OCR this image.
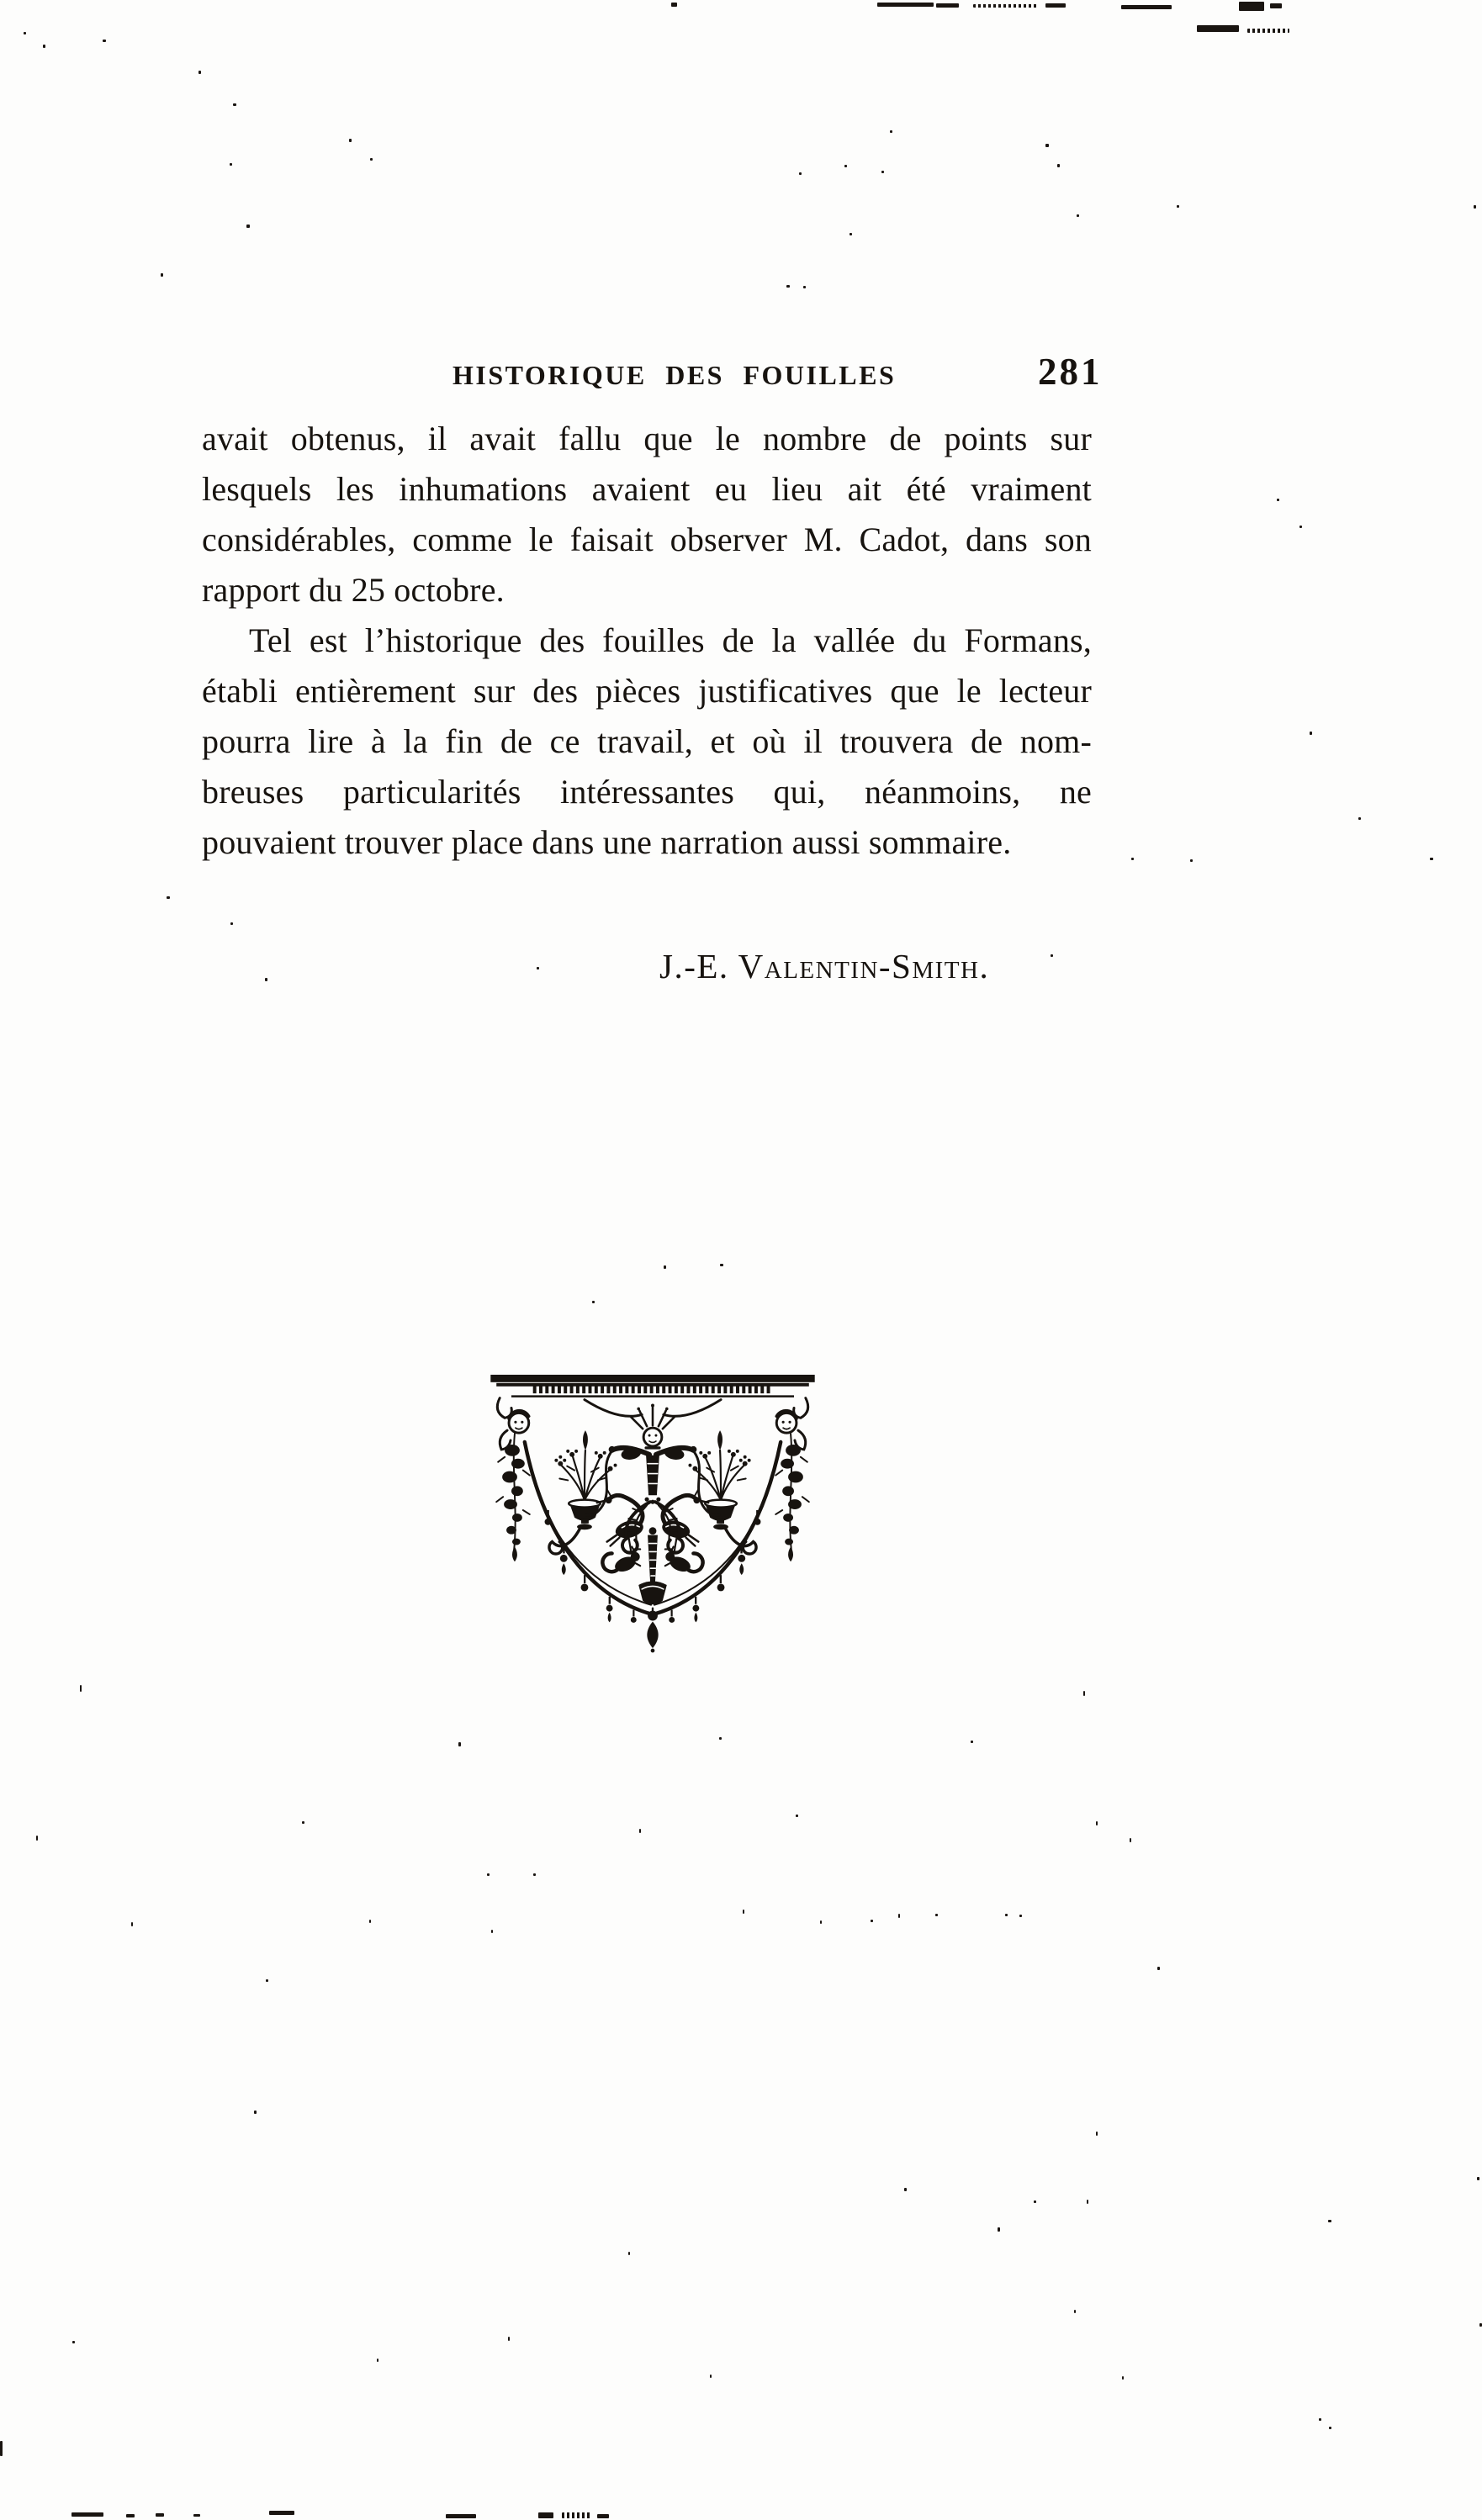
HISTORIQUE DES FOUILLES	281

avait obtenus, il avait fallu que le nombre de points sur
lesquels les inhumations avaient eu lieu ait été vraiment
considérables, comme le faisait observer M. Cadot, dans son
rapport du 25 octobre.

Tel est l’historique des fouilles de la vallée du Formans,
établi entièrement sur des pièces justificatives que le lecteur
pourra lire à la fin de ce travail, et où il trouvera de nom-
breuses particularités intéressantes qui, néanmoins, ne
pouvaient trouver place dans une narration aussi sommaire.

J.-E. Valentin-Smith.
